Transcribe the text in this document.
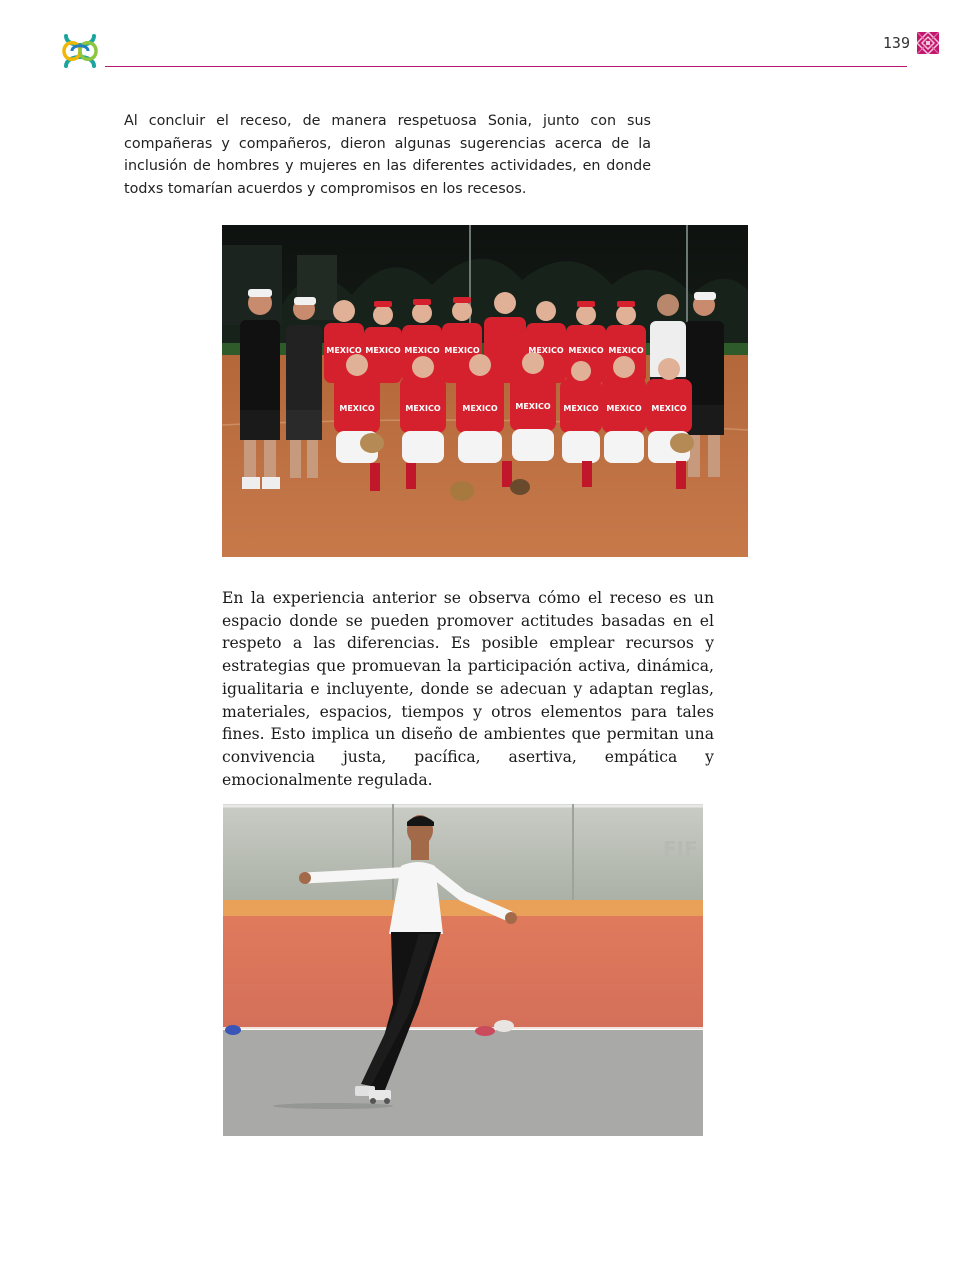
139

Al concluir el receso, de manera respetuosa Sonia, junto con sus compañeras y compañeros, dieron algunas sugerencias acerca de la inclusión de hombres y mujeres en las diferentes actividades, en donde todxs tomarían acuerdos y compromisos en los recesos.

MEXICO	MEXICO	MEXICO MEXICO MEXICO MEXICO MEXICO
MEXICO MEXICO MEXICO MEXICO	MEXICO MEXICO MEXICO

En la experiencia anterior se observa cómo el receso es un espacio donde se pueden promover actitudes basadas en el respeto a las diferencias. Es posible emplear recursos y estrategias que promuevan la participación activa, dinámica, igualitaria e incluyente, donde se adecuan y adaptan reglas, materiales, espacios, tiempos y otros elementos para tales fines. Esto implica un diseño de ambientes que permitan una convivencia justa, pacífica, asertiva, empática y emocionalmente regulada.

FIF
